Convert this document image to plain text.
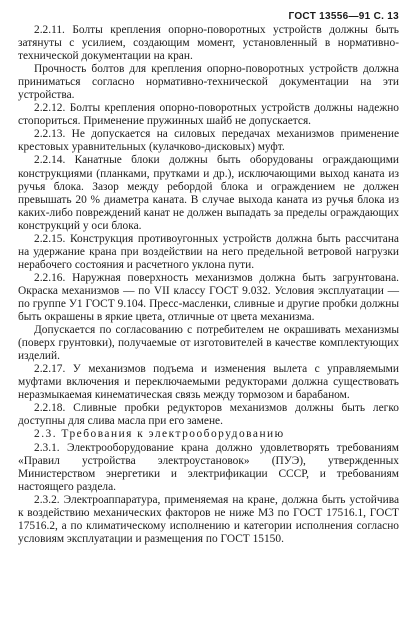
ГОСТ 13556—91 С. 13

2.2.11. Болты крепления опорно-поворотных устройств должны быть затянуты с усилием, создающим момент, установленный в нормативно-технической документации на кран.

Прочность болтов для крепления опорно-поворотных устройств должна приниматься согласно нормативно-технической документации на эти устройства.

2.2.12. Болты крепления опорно-поворотных устройств должны надежно стопориться. Применение пружинных шайб не допускается.

2.2.13. Не допускается на силовых передачах механизмов применение крестовых уравнительных (кулачково-дисковых) муфт.

2.2.14. Канатные блоки должны быть оборудованы ограждающими конструкциями (планками, прутками и др.), исключающими выход каната из ручья блока. Зазор между ребордой блока и ограждением не должен превышать 20 % диаметра каната. В случае выхода каната из ручья блока из каких-либо повреждений канат не должен выпадать за пределы ограждающих конструкций у оси блока.

2.2.15. Конструкция противоугонных устройств должна быть рассчитана на удержание крана при воздействии на него предельной ветровой нагрузки нерабочего состояния и расчетного уклона пути.

2.2.16. Наружная поверхность механизмов должна быть загрунтована. Окраска механизмов — по VII классу ГОСТ 9.032. Условия эксплуатации — по группе У1 ГОСТ 9.104. Пресс-масленки, сливные и другие пробки должны быть окрашены в яркие цвета, отличные от цвета механизма.

Допускается по согласованию с потребителем не окрашивать механизмы (поверх грунтовки), получаемые от изготовителей в качестве комплектующих изделий.

2.2.17. У механизмов подъема и изменения вылета с управляемыми муфтами включения и переключаемыми редукторами должна существовать неразмыкаемая кинематическая связь между тормозом и барабаном.

2.2.18. Сливные пробки редукторов механизмов должны быть легко доступны для слива масла при его замене.

2.3. Требования к электрооборудованию

2.3.1. Электрооборудование крана должно удовлетворять требованиям «Правил устройства электроустановок» (ПУЭ), утвержденных Министерством энергетики и электрификации СССР, и требованиям настоящего раздела.

2.3.2. Электроаппаратура, применяемая на кране, должна быть устойчива к воздействию механических факторов не ниже М3 по ГОСТ 17516.1, ГОСТ 17516.2, а по климатическому исполнению и категории исполнения согласно условиям эксплуатации и размещения по ГОСТ 15150.
